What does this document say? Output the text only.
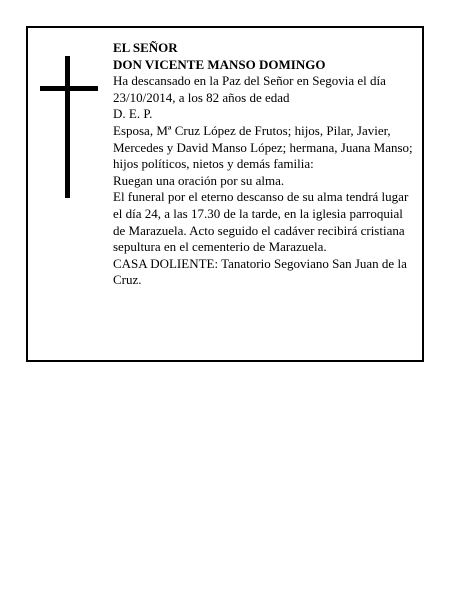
EL SEÑOR

DON VICENTE MANSO DOMINGO

Ha descansado en la Paz del Señor en Segovia el día 23/10/2014, a los 82 años de edad

D. E. P.

Esposa, Mª Cruz López de Frutos; hijos, Pilar, Javier, Mercedes y David Manso López; hermana, Juana Manso; hijos políticos, nietos y demás familia:

Ruegan una oración por su alma.

El funeral por el eterno descanso de su alma tendrá lugar el día 24, a las 17.30 de la tarde, en la iglesia parroquial de Marazuela. Acto seguido el cadáver recibirá cristiana sepultura en el cementerio de Marazuela.

CASA DOLIENTE: Tanatorio Segoviano San Juan de la Cruz.
